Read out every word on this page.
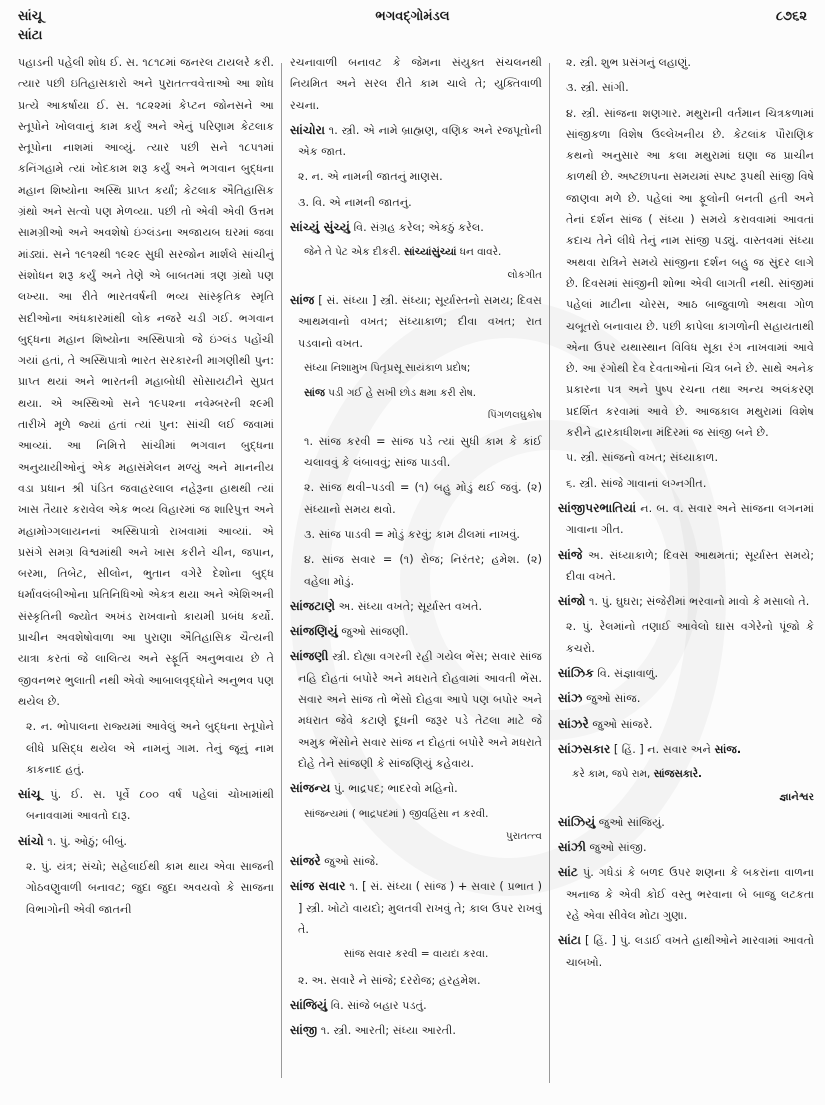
સાંચૂ
સાંટા
ભગવદ્ગોમંડલ	૮૭૬૨

પહાડની પહેલી શોધ ઈ. સ. ૧૮૧૮માં જનરલ ટાયલરે કરી. ત્યાર પછી ઇતિહાસકારો અને પુરાતત્ત્વવેત્તાઓ આ શોધ પ્રત્યે આકર્ષાયા ઈ. સ. ૧૮૨૨માં કેપ્ટન જોનસને આ સ્તૂપોને ખોલવાનું કામ કર્યું અને એનું પરિણામ કેટલાક સ્તૂપોના નાશમાં આવ્યું. ત્યાર પછી સને ૧૮૫૧માં કનિંગહામે ત્યાં ખોદકામ શરૂ કર્યું અને ભગવાન બુદ્ધના મહાન શિષ્યોના અસ્થિ પ્રાપ્ત કર્યાં; કેટલાક ઐતિહાસિક ગ્રંથો અને સત્વો પણ મેળવ્યા. પછી તો એવી એવી ઉત્તમ સામગ્રીઓ અને અવશેષો ઇંગ્લંડના અજાયબ ઘરમાં જવા માંડ્યાં. સને ૧૯૧૨થી ૧૯૨૯ સુધી સરજોન માર્શલે સાંચીનું સંશોધન શરૂ કર્યું અને તેણે એ બાબતમાં ત્રણ ગ્રંથો પણ લખ્યા. આ રીતે ભારતવર્ષની ભવ્ય સાંસ્કૃતિક સ્મૃતિ સદીઓના અંધકારમાંથી લોક નજરે ચડી ગઈ. ભગવાન બુદ્ધના મહાન શિષ્યોના અસ્થિપાત્રો જે ઇંગ્લંડ પહોંચી ગયાં હતાં, તે અસ્થિપાત્રો ભારત સરકારની માગણીથી પુન: પ્રાપ્ત થયાં અને ભારતની મહાબોધી સોસાયટીને સુપ્રત થયા. એ અસ્થિઓ સને ૧૯૫૨ના નવેમ્બરની ૨૯મી તારીખે મૂળે જ્યાં હતાં ત્યાં પુન: સાંચી લઈ જવામાં આવ્યાં. આ નિમિત્તે સાંચીમાં ભગવાન બુદ્ધના અનુયાયીઓનું એક મહાસંમેલન મળ્યું અને માનનીય વડા પ્રધાન શ્રી પંડિત જવાહરલાલ નહેરૂના હાથથી ત્યાં ખાસ તૈયાર કરાવેલ એક ભવ્ય વિહારમાં જ શારિપુત્ત અને મહામોગ્ગલાયનનાં અસ્થિપાત્રો રાખવામાં આવ્યાં. એ પ્રસંગે સમગ્ર વિશ્વમાંથી અને ખાસ કરીને ચીન, જપાન, બરમા, તિબેટ, સીલોન, ભુતાન વગેરે દેશોના બુદ્ધ ધર્માવલંબીઓના પ્રતિનિધિઓ એકત્ર થયા અને એશિઅની સંસ્કૃતિની જ્યોત અખંડ રાખવાનો કાયમી પ્રબંધ કર્યો. પ્રાચીન અવશેષોવાળા આ પુરાણા ઐતિહાસિક ચૈત્યની યાત્રા કરતાં જે લાલિત્ય અને સ્ફૂર્તિ અનુભવાય છે તે જીવનભર ભુલાતી નથી એવો આબાલવૃદ્ધોને અનુભવ પણ થયેલ છે.

૨. ન. ભોપાલના રાજ્યમાં આવેલું અને બુદ્ધના સ્તૂપોને લીધે પ્રસિદ્ધ થયેલ એ નામનું ગામ. તેનું જૂનું નામ કાકનાદ હતું.

સાંચૂ પું. ઈ. સ. પૂર્વે ૮૦૦ વર્ષ પહેલાં ચોખામાંથી બનાવવામાં આવતો દારૂ.

સાંચો ૧. પું. ઓઠું; બીબું.

૨. પું. યંત્ર; સંચો; સહેલાઈથી કામ થાય એવા સાજની ગોઠવણુવાળી બનાવટ; જુદા જુદા અવયવો કે સાજના વિભાગોની એવી જાતની

રચનાવાળી બનાવટ કે જેમના સંયુક્ત સંચલનથી નિયમિત અને સરલ રીતે કામ ચાલે તે; યુક્તિવાળી રચના.

સાંચોરા ૧. સ્ત્રી. એ નામે બ્રાહ્મણ, વણિક અને રજપૂતોની એક જાત.

૨. ન. એ નામની જાતનું માણસ.

૩. વિ. એ નામની જાતનું.

સાંચ્યું સુંચ્યું વિ. સંગ્રહ કરેલ; એકઠું કરેલ.

જેને તે પેટ એક દીકરી. સાંચ્યાંસુંચ્યાં ધન વાવરે.

લોકગીત

સાંજ [ સં. સંધ્યા ] સ્ત્રી. સંધ્યા; સૂર્યાસ્તનો સમય; દિવસ આથમવાનો વખત; સંધ્યાકાળ; દીવા વખત; રાત પડવાનો વખત.

સંધ્યા નિશામુખ પિતૃપ્રસૂ સાયંકાળ પ્રદોષ;

સાંજ પડી ગઈ હે સખી છોડ ક્ષમા કરી રોષ.

પિંગળલઘુકોષ

૧. સાંજ કરવી = સાંજ પડે ત્યાં સુધી કામ કે કાંઈ ચલાવવું કે લંબાવવું; સાંજ પાડવી.

૨. સાંજ થવી–પડવી = (૧) બહુ મોડું થઈ જવું. (૨) સંધ્યાનો સમય થવો.

૩. સાંજ પાડવી = મોડું કરવું; કામ ઢીલમાં નાખવું.

૪. સાંજ સવાર = (૧) રોજ; નિરંતર; હમેશ. (૨) વહેલા મોડું.

સાંજટાણે અ. સંધ્યા વખતે; સૂર્યાસ્ત વખતે.

સાંજણિયું જુઓ સાંજણી.

સાંજણી સ્ત્રી. દોહ્યા વગરની રહી ગયેલ ભેંસ; સવાર સાંજ નહિ દોહતાં બપોરે અને મધરાતે દોહવામાં આવતી ભેંસ. સવાર અને સાંજ તો ભેંસો દોહવા આપે પણ બપોર અને મધરાત જેવે કટાણે દૂધની જરૂર પડે તેટલા માટે જે અમુક ભેંસોને સવાર સાંજ ન દોહતાં બપોરે અને મધરાતે દોહે તેને સાંજણી કે સાંજણિયું કહેવાય.

સાંજન્ય પું. ભાદ્રપદ; ભાદરવો મહિનો.

સાંજન્યમાં ( ભાદ્રપદમાં ) જીવહિંસા ન કરવી.

પુરાતત્ત્વ

સાંજરે જુઓ સાંજે.

સાંજ સવાર ૧. [ સં. સંધ્યા ( સાંજ ) + સવાર ( પ્રભાત ) ] સ્ત્રી. ખોટો વાયદો; મુલતવી રાખવું તે; કાલ ઉપર રાખવું તે.

સાંજ સવાર કરવી = વાયદા કરવા.

૨. અ. સવારે ને સાંજે; દરરોજ; હરહમેશ.

સાંજિયું વિ. સાંજે બહાર પડતું.

સાંજી ૧. સ્ત્રી. આરતી; સંધ્યા આરતી.

૨. સ્ત્રી. શુભ પ્રસંગનું લહાણું.

૩. સ્ત્રી. સાંગી.

૪. સ્ત્રી. સાંજના શણગાર. મથુરાની વર્તમાન ચિત્રકળામાં સાંજીકળા વિશેષ ઉલ્લેખનીય છે. કેટલાંક પૌરાણિક કથનો અનુસાર આ કલા મથુરામાં ઘણા જ પ્રાચીન કાળથી છે. અષ્ટછાપના સમયમાં સ્પષ્ટ રૂપથી સાંજી વિષે જાણવા મળે છે. પહેલાં આ ફૂલોની બનતી હતી અને તેનાં દર્શન સાંજ ( સંધ્યા ) સમયે કરાવવામાં આવતાં કદાચ તેને લીધે તેનું નામ સાંજી પડ્યું. વાસ્તવમાં સંધ્યા અથવા રાત્રિને સમયે સાંજીના દર્શન બહુ જ સુંદર લાગે છે. દિવસમાં સાંજીની શોભા એવી લાગતી નથી. સાંજીમાં પહેલાં માટીના ચોરસ, આઠ બાજુવાળો અથવા ગોળ ચબૂતરો બનાવાય છે. પછી કાપેલા કાગળોની સહાયતાથી એના ઉપર યથાસ્થાન વિવિધ સૂકા રંગ નાખવામાં આવે છે. આ રંગોથી દેવ દેવતાઓનાં ચિત્ર બને છે. સાથે અનેક પ્રકારના પત્ર અને પુષ્પ રચના તથા અન્ય અલંકરણ પ્રદર્શિત કરવામાં આવે છે. આજકાલ મથુરામાં વિશેષ કરીને દ્વારકાધીશના મંદિરમાં જ સાંજી બને છે.

૫. સ્ત્રી. સાંજનો વખત; સંધ્યાકાળ.

૬. સ્ત્રી. સાંજે ગાવાનાં લગ્નગીત.

સાંજીપરભાતિયાં ન. બ. વ. સવાર અને સાંજના લગનમાં ગાવાના ગીત.

સાંજે અ. સંધ્યાકાળે; દિવસ આથમતાં; સૂર્યાસ્ત સમયે; દીવા વખતે.

સાંજો ૧. પું. ઘુઘરા; સંજેરીમાં ભરવાનો માવો કે મસાલો તે.

૨. પું. રેલમાંનો તણાઈ આવેલો ઘાસ વગેરેનો પૂંજો કે કચરો.

સાંઝિક વિ. સંજ્ઞાવાળું.

સાંઝ જુઓ સાંજ.

સાંઝરે જુઓ સાંજરે.

સાંઝસકાર [ હિં. ] ન. સવાર અને સાંજ.

કરે કામ, જપે રામ, સાંજસકારે.

જ્ઞાનેશ્વર

સાંઝિયું જુઓ સાંજિયું.

સાંઝી જુઓ સાંજી.

સાંટ પું. ગધેડાં કે બળદ ઉપર શણના કે બકરાંના વાળના અનાજ કે એવી કોઈ વસ્તુ ભરવાના બે બાજુ લટકતા રહે એવા સીવેલ મોટા ગુણા.

સાંટા [ હિં. ] પું. લડાઈ વખતે હાથીઓને મારવામાં આવતો ચાબખો.
